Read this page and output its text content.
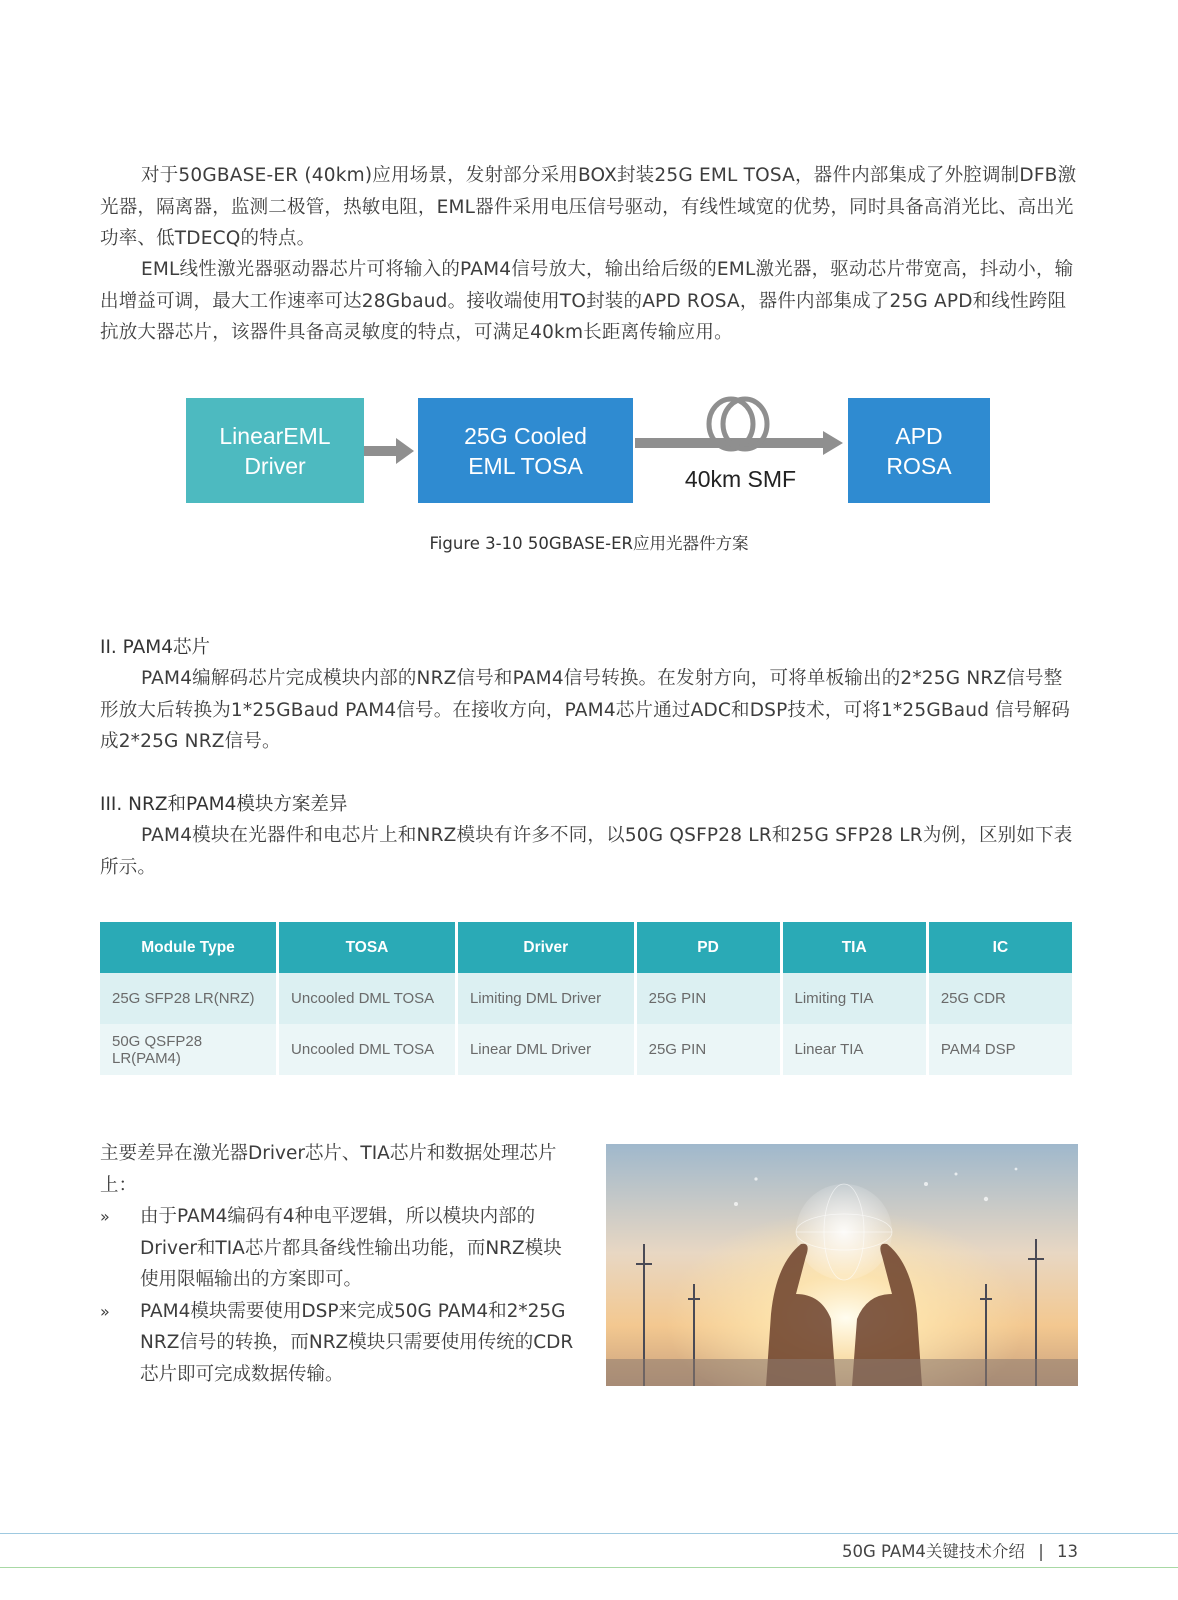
对于50GBASE-ER (40km)应用场景，发射部分采用BOX封装25G EML TOSA，器件内部集成了外腔调制DFB激光器，隔离器，监测二极管，热敏电阻，EML器件采用电压信号驱动，有线性域宽的优势，同时具备高消光比、高出光功率、低TDECQ的特点。

EML线性激光器驱动器芯片可将输入的PAM4信号放大，输出给后级的EML激光器，驱动芯片带宽高，抖动小，输出增益可调，最大工作速率可达28Gbaud。接收端使用TO封装的APD ROSA，器件内部集成了25G APD和线性跨阻抗放大器芯片，该器件具备高灵敏度的特点，可满足40km长距离传输应用。

LinearEML
Driver
25G Cooled
EML TOSA
40km SMF
APD
ROSA
Figure 3-10 50GBASE-ER应用光器件方案

II. PAM4芯片

PAM4编解码芯片完成模块内部的NRZ信号和PAM4信号转换。在发射方向，可将单板输出的2*25G NRZ信号整形放大后转换为1*25GBaud PAM4信号。在接收方向，PAM4芯片通过ADC和DSP技术，可将1*25GBaud 信号解码成2*25G NRZ信号。

III. NRZ和PAM4模块方案差异

PAM4模块在光器件和电芯片上和NRZ模块有许多不同，以50G QSFP28 LR和25G SFP28 LR为例，区别如下表所示。

Module Type	TOSA	Driver	PD	TIA	IC
25G SFP28 LR(NRZ)	Uncooled DML TOSA	Limiting DML Driver	25G PIN	Limiting TIA	25G CDR
50G QSFP28 LR(PAM4)	Uncooled DML TOSA	Linear DML Driver	25G PIN	Linear TIA	PAM4 DSP

主要差异在激光器Driver芯片、TIA芯片和数据处理芯片上：

»	由于PAM4编码有4种电平逻辑，所以模块内部的Driver和TIA芯片都具备线性输出功能，而NRZ模块使用限幅输出的方案即可。
»	PAM4模块需要使用DSP来完成50G PAM4和2*25G NRZ信号的转换，而NRZ模块只需要使用传统的CDR芯片即可完成数据传输。
50G PAM4关键技术介绍 | 13
